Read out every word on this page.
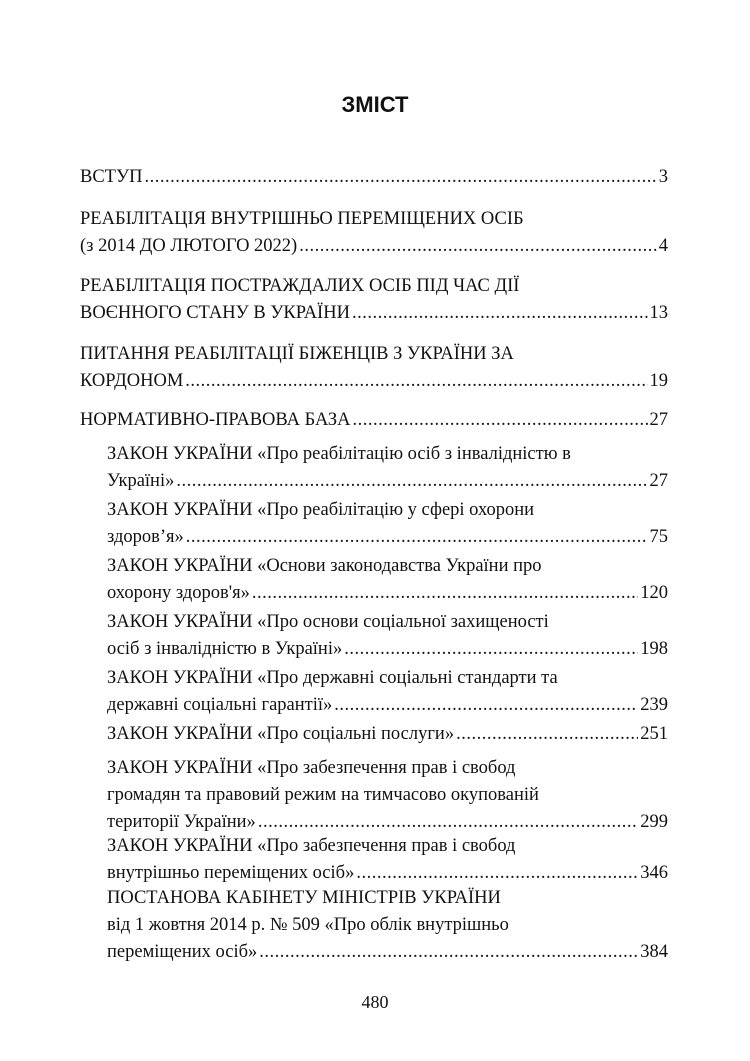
ЗМІСТ
ВСТУП .....	3
РЕАБІЛІТАЦІЯ ВНУТРІШНЬО ПЕРЕМІЩЕНИХ ОСІБ
(з 2014 ДО ЛЮТОГО 2022) .....	4
РЕАБІЛІТАЦІЯ ПОСТРАЖДАЛИХ ОСІБ ПІД ЧАС ДІЇ
ВОЄННОГО СТАНУ В УКРАЇНИ .....	13
ПИТАННЯ РЕАБІЛІТАЦІЇ БІЖЕНЦІВ З УКРАЇНИ ЗА
КОРДОНОМ .....	19
НОРМАТИВНО-ПРАВОВА БАЗА .....	27
ЗАКОН УКРАЇНИ «Про реабілітацію осіб з інвалідністю в
Україні» .....	27
ЗАКОН УКРАЇНИ «Про реабілітацію у сфері охорони
здоров’я» .....	75
ЗАКОН УКРАЇНИ «Основи законодавства України про
охорону здоров'я» .....	120
ЗАКОН УКРАЇНИ «Про основи соціальної захищеності
осіб з інвалідністю в Україні» .....	198
ЗАКОН УКРАЇНИ «Про державні соціальні стандарти та
державні соціальні гарантії» .....	239
ЗАКОН УКРАЇНИ «Про соціальні послуги» .....	251
ЗАКОН УКРАЇНИ «Про забезпечення прав і свобод
громадян та правовий режим на тимчасово окупованій
території України» .....	299
ЗАКОН УКРАЇНИ «Про забезпечення прав і свобод
внутрішньо переміщених осіб» .....	346
ПОСТАНОВА КАБІНЕТУ МІНІСТРІВ УКРАЇНИ
від 1 жовтня 2014 р. № 509 «Про облік внутрішньо
переміщених осіб» .....	384
480
